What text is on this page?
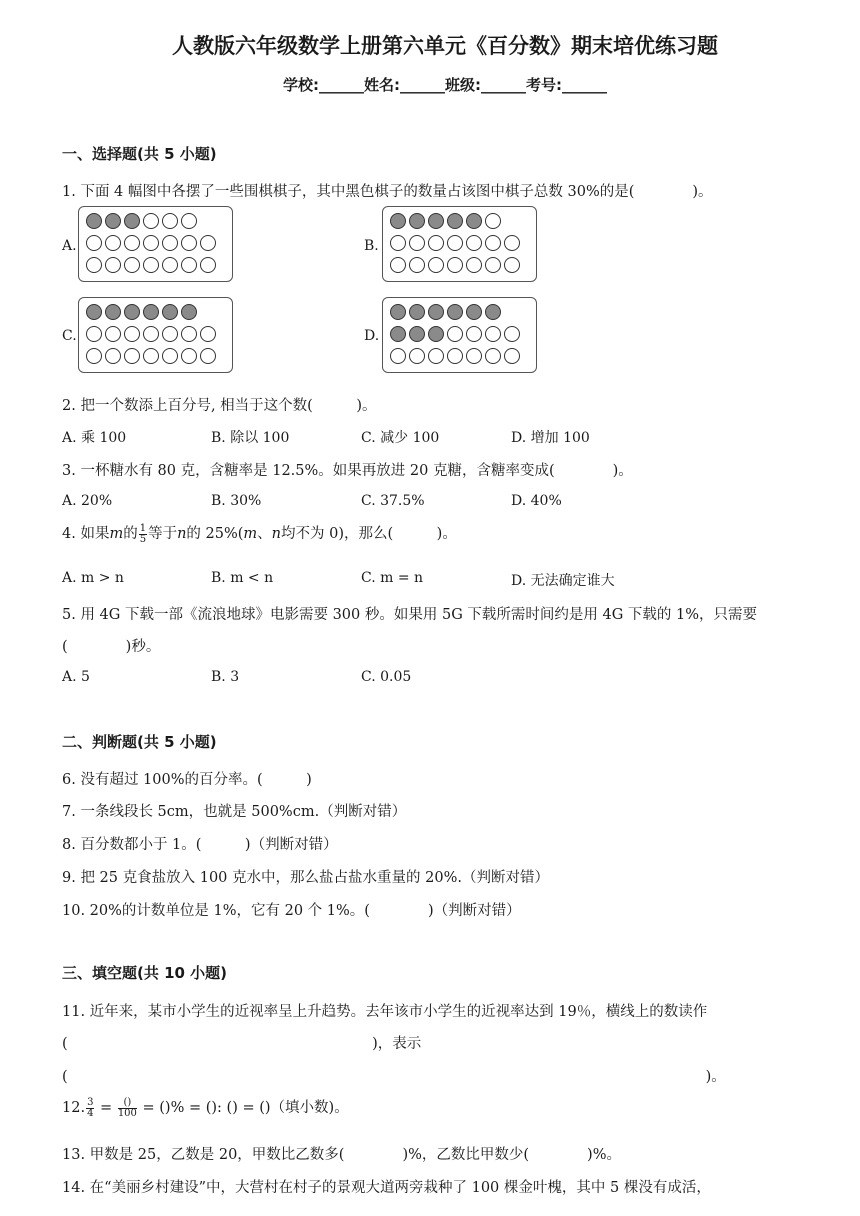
人教版六年级数学上册第六单元《百分数》期末培优练习题
学校:______姓名:______班级:______考号:______
一、选择题(共 5 小题)
1. 下面 4 幅图中各摆了一些围棋棋子，其中黑色棋子的数量占该图中棋子总数 30%的是(　　　　)。
A.	B.
C.	D.
2. 把一个数添上百分号, 相当于这个数(　　　)。
A. 乘 100	B. 除以 100	C. 减少 100	D. 增加 100
3. 一杯糖水有 80 克，含糖率是 12.5%。如果再放进 20 克糖，含糖率变成(　　　　)。
A. 20%	B. 30%	C. 37.5%	D. 40%
4. 如果m的 $\frac{1}{5}$ 等于n的 25%(m、n均不为 0)，那么(　　　)。
A. m > n	B. m < n	C. m = n	D. 无法确定谁大
5. 用 4G 下载一部《流浪地球》电影需要 300 秒。如果用 5G 下载所需时间约是用 4G 下载的 1%，只需要
(　　　　)秒。
A. 5	B. 3	C. 0.05
二、判断题(共 5 小题)
6. 没有超过 100%的百分率。(　　　)
7. 一条线段长 5cm，也就是 500%cm.（判断对错）
8. 百分数都小于 1。(　　　)（判断对错）
9. 把 25 克食盐放入 100 克水中，那么盐占盐水重量的 20%.（判断对错）
10. 20%的计数单位是 1%，它有 20 个 1%。(　　　　)（判断对错）
三、填空题(共 10 小题)
11. 近年来，某市小学生的近视率呈上升趋势。去年该市小学生的近视率达到 19％，横线上的数读作
(　　　　　　　　　　　　　　　　　　　　　)，表示
(　　　　　　　　　　　　　　　　　　　　　　　　　　　　　　　　　　　　　　　　　　　　)。
12. $\frac{3}{4} = \frac{()}{100}$ = ()% = (): () = ()（填小数)。
13. 甲数是 25，乙数是 20，甲数比乙数多(　　　　)%，乙数比甲数少(　　　　)%。
14. 在“美丽乡村建设”中，大营村在村子的景观大道两旁栽种了 100 棵金叶槐，其中 5 棵没有成活，
